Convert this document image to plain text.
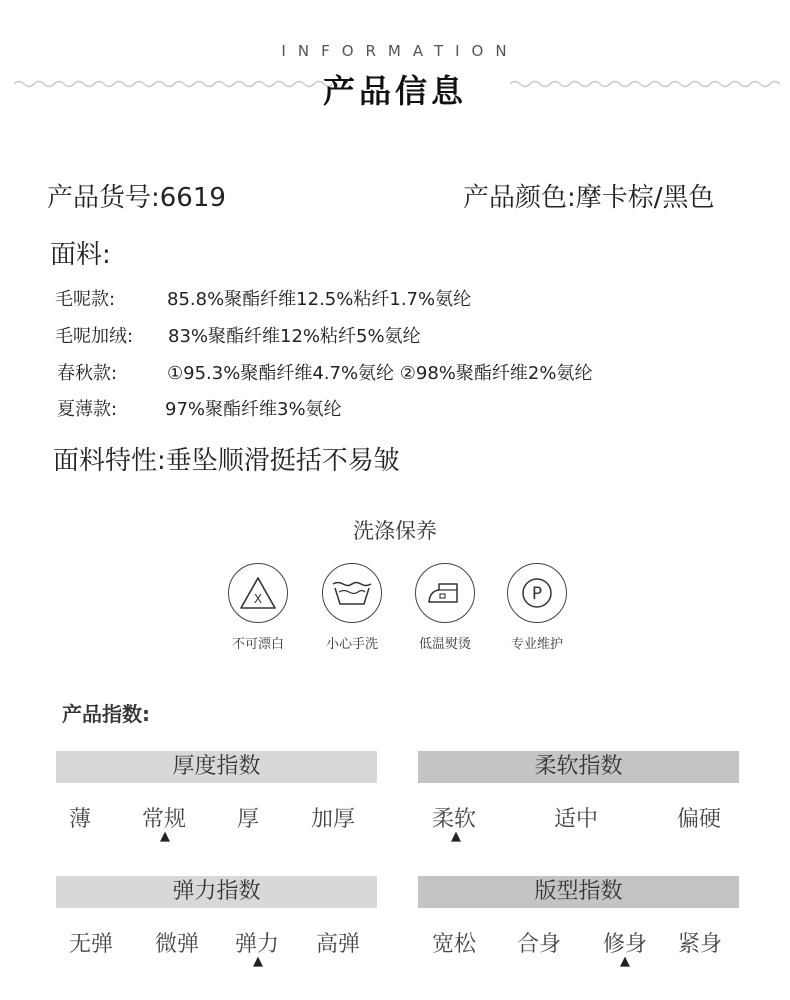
INFORMATION
产品信息
产品货号:6619	产品颜色:摩卡棕/黑色
面料:
毛呢款:	85.8%聚酯纤维12.5%粘纤1.7%氨纶
毛呢加绒: 83%聚酯纤维12%粘纤5%氨纶
春秋款:	①95.3%聚酯纤维4.7%氨纶 ②98%聚酯纤维2%氨纶
夏薄款:	97%聚酯纤维3%氨纶
面料特性:垂坠顺滑挺括不易皱
洗涤保养
X
不可漂白	小心手洗	低温熨烫
P
专业维护
产品指数:
厚度指数
薄	常规	厚	加厚
▲
柔软指数
柔软	适中	偏硬
▲
弹力指数
无弹	微弹	弹力	高弹
▲
版型指数
宽松	合身	修身	紧身
▲
